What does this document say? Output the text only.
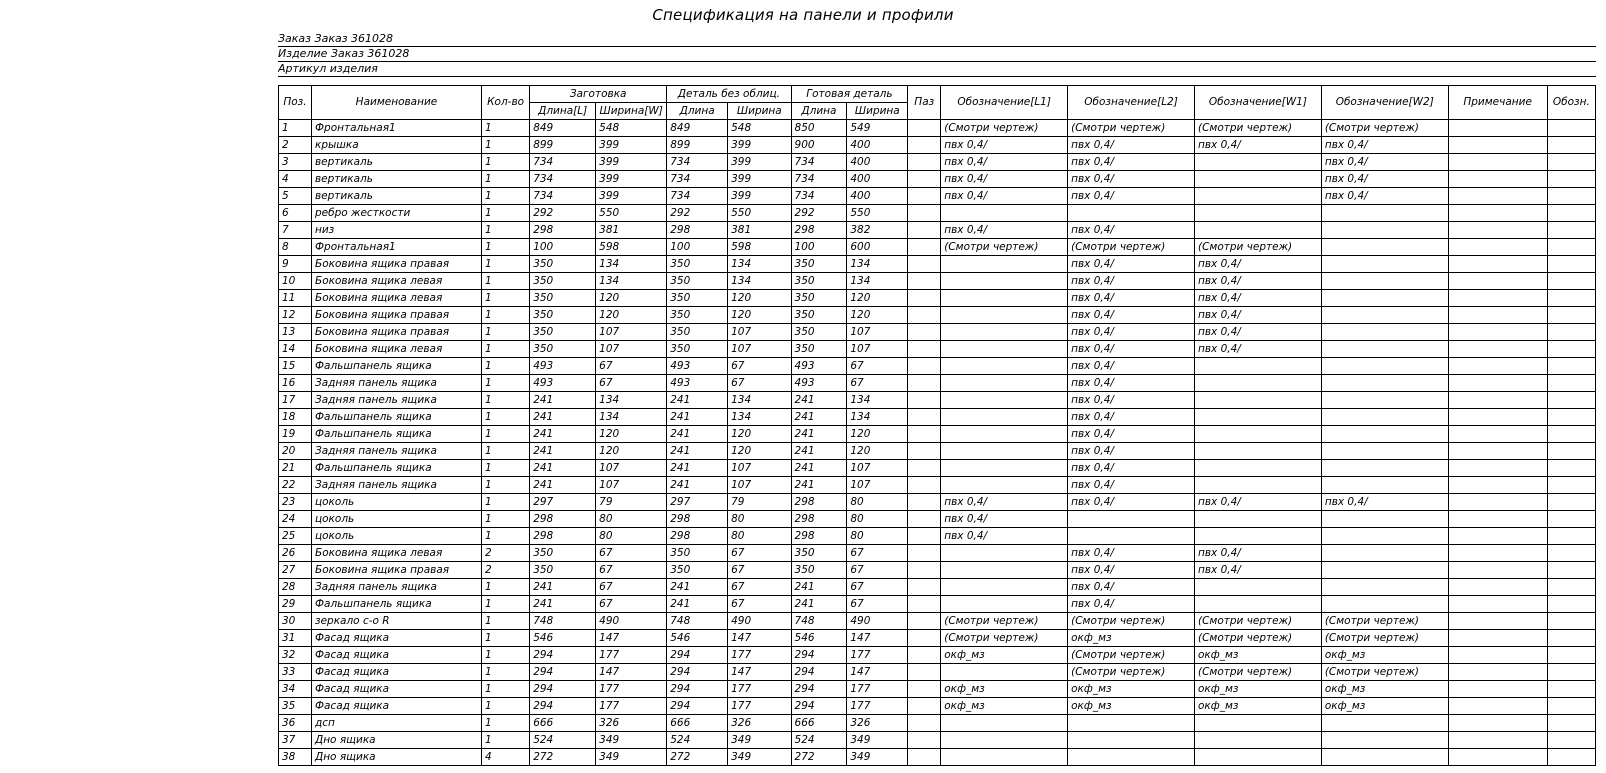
Спецификация на панели и профили
Заказ Заказ 361028
Изделие Заказ 361028
Артикул изделия
Поз.	Наименование	Кол-во	Заготовка		Деталь без облиц.		Готовая деталь		Паз	Обозначение[L1]	Обозначение[L2]	Обозначение[W1]	Обозначение[W2]	Примечание	Обозн.
			Длина[L]	Ширина[W]	Длина	Ширина	Длина	Ширина							
1	Фронтальная1	1	849	548	849	548	850	549		(Смотри чертеж)	(Смотри чертеж)	(Смотри чертеж)	(Смотри чертеж)		
2	крышка	1	899	399	899	399	900	400		пвх 0,4/	пвх 0,4/	пвх 0,4/	пвх 0,4/		
3	вертикаль	1	734	399	734	399	734	400		пвх 0,4/	пвх 0,4/		пвх 0,4/		
4	вертикаль	1	734	399	734	399	734	400		пвх 0,4/	пвх 0,4/		пвх 0,4/		
5	вертикаль	1	734	399	734	399	734	400		пвх 0,4/	пвх 0,4/		пвх 0,4/		
6	ребро жесткости	1	292	550	292	550	292	550							
7	низ	1	298	381	298	381	298	382		пвх 0,4/	пвх 0,4/				
8	Фронтальная1	1	100	598	100	598	100	600		(Смотри чертеж)	(Смотри чертеж)	(Смотри чертеж)			
9	Боковина ящика правая	1	350	134	350	134	350	134			пвх 0,4/	пвх 0,4/			
10	Боковина ящика левая	1	350	134	350	134	350	134			пвх 0,4/	пвх 0,4/			
11	Боковина ящика левая	1	350	120	350	120	350	120			пвх 0,4/	пвх 0,4/			
12	Боковина ящика правая	1	350	120	350	120	350	120			пвх 0,4/	пвх 0,4/			
13	Боковина ящика правая	1	350	107	350	107	350	107			пвх 0,4/	пвх 0,4/			
14	Боковина ящика левая	1	350	107	350	107	350	107			пвх 0,4/	пвх 0,4/			
15	Фальшпанель ящика	1	493	67	493	67	493	67			пвх 0,4/				
16	Задняя панель ящика	1	493	67	493	67	493	67			пвх 0,4/				
17	Задняя панель ящика	1	241	134	241	134	241	134			пвх 0,4/				
18	Фальшпанель ящика	1	241	134	241	134	241	134			пвх 0,4/				
19	Фальшпанель ящика	1	241	120	241	120	241	120			пвх 0,4/				
20	Задняя панель ящика	1	241	120	241	120	241	120			пвх 0,4/				
21	Фальшпанель ящика	1	241	107	241	107	241	107			пвх 0,4/				
22	Задняя панель ящика	1	241	107	241	107	241	107			пвх 0,4/				
23	цоколь	1	297	79	297	79	298	80		пвх 0,4/	пвх 0,4/	пвх 0,4/	пвх 0,4/		
24	цоколь	1	298	80	298	80	298	80		пвх 0,4/					
25	цоколь	1	298	80	298	80	298	80		пвх 0,4/					
26	Боковина ящика левая	2	350	67	350	67	350	67			пвх 0,4/	пвх 0,4/			
27	Боковина ящика правая	2	350	67	350	67	350	67			пвх 0,4/	пвх 0,4/			
28	Задняя панель ящика	1	241	67	241	67	241	67			пвх 0,4/				
29	Фальшпанель ящика	1	241	67	241	67	241	67			пвх 0,4/				
30	зеркало с-о R	1	748	490	748	490	748	490		(Смотри чертеж)	(Смотри чертеж)	(Смотри чертеж)	(Смотри чертеж)		
31	Фасад ящика	1	546	147	546	147	546	147		(Смотри чертеж)	окф_мз	(Смотри чертеж)	(Смотри чертеж)		
32	Фасад ящика	1	294	177	294	177	294	177		окф_мз	(Смотри чертеж)	окф_мз	окф_мз		
33	Фасад ящика	1	294	147	294	147	294	147			(Смотри чертеж)	(Смотри чертеж)	(Смотри чертеж)		
34	Фасад ящика	1	294	177	294	177	294	177		окф_мз	окф_мз	окф_мз	окф_мз		
35	Фасад ящика	1	294	177	294	177	294	177		окф_мз	окф_мз	окф_мз	окф_мз		
36	дсп	1	666	326	666	326	666	326							
37	Дно ящика	1	524	349	524	349	524	349							
38	Дно ящика	4	272	349	272	349	272	349							
